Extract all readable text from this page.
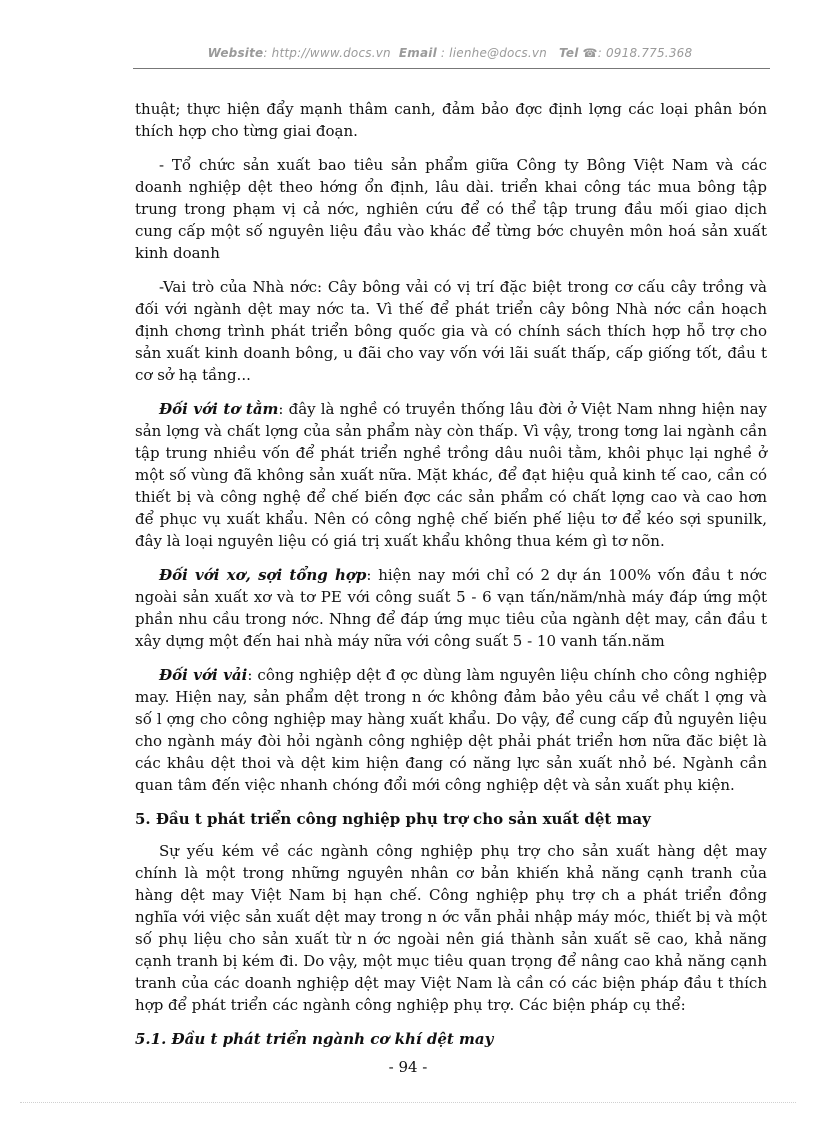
Website: http://www.docs.vn Email : lienhe@docs.vn Tel ☎: 0918.775.368

thuật; thực hiện đẩy mạnh thâm canh, đảm bảo đợc định lợng các loại phân bón thích hợp cho từng giai đoạn.

- Tổ chức sản xuất bao tiêu sản phẩm giữa Công ty Bông Việt Nam và các doanh nghiệp dệt theo hớng ổn định, lâu dài. triển khai công tác mua bông tập trung trong phạm vị cả nớc, nghiên cứu để có thể tập trung đầu mối giao dịch cung cấp một số nguyên liệu đầu vào khác để từng bớc chuyên môn hoá sản xuất kinh doanh

-Vai trò của Nhà nớc: Cây bông vải có vị trí đặc biệt trong cơ cấu cây trồng và đối với ngành dệt may nớc ta. Vì thế để phát triển cây bông Nhà nớc cần hoạch định chơng trình phát triển bông quốc gia và có chính sách thích hợp hỗ trợ cho sản xuất kinh doanh bông, u đãi cho vay vốn với lãi suất thấp, cấp giống tốt, đầu t cơ sở hạ tầng...

Đối với tơ tằm: đây là nghề có truyền thống lâu đời ở Việt Nam nhng hiện nay sản lợng và chất lợng của sản phẩm này còn thấp. Vì vậy, trong tơng lai ngành cần tập trung nhiều vốn để phát triển nghề trồng dâu nuôi tằm, khôi phục lại nghề ở một số vùng đã không sản xuất nữa. Mặt khác, để đạt hiệu quả kinh tế cao, cần có thiết bị và công nghệ để chế biến đợc các sản phẩm có chất lợng cao và cao hơn để phục vụ xuất khẩu. Nên có công nghệ chế biến phế liệu tơ để kéo sợi spunilk, đây là loại nguyên liệu có giá trị xuất khẩu không thua kém gì tơ nõn.

Đối với xơ, sợi tổng hợp: hiện nay mới chỉ có 2 dự án 100% vốn đầu t nớc ngoài sản xuất xơ và tơ PE với công suất 5 - 6 vạn tấn/năm/nhà máy đáp ứng một phần nhu cầu trong nớc. Nhng để đáp ứng mục tiêu của ngành dệt may, cần đầu t xây dựng một đến hai nhà máy nữa với công suất 5 - 10 vanh tấn.năm

Đối với vải: công nghiệp dệt đ ợc dùng làm nguyên liệu chính cho công nghiệp may. Hiện nay, sản phẩm dệt trong n ớc không đảm bảo yêu cầu về chất l ợng và số l ợng cho công nghiệp may hàng xuất khẩu. Do vậy, để cung cấp đủ nguyên liệu cho ngành máy đòi hỏi ngành công nghiệp dệt phải phát triển hơn nữa đăc biệt là các khâu dệt thoi và dệt kim hiện đang có năng lực sản xuất nhỏ bé. Ngành cần quan tâm đến việc nhanh chóng đổi mới công nghiệp dệt và sản xuất phụ kiện.

5. Đầu t phát triển công nghiệp phụ trợ cho sản xuất dệt may

Sự yếu kém về các ngành công nghiệp phụ trợ cho sản xuất hàng dệt may chính là một trong những nguyên nhân cơ bản khiến khả năng cạnh tranh của hàng dệt may Việt Nam bị hạn chế. Công nghiệp phụ trợ ch a phát triển đồng nghĩa với việc sản xuất dệt may trong n ớc vẫn phải nhập máy móc, thiết bị và một số phụ liệu cho sản xuất từ n ớc ngoài nên giá thành sản xuất sẽ cao, khả năng cạnh tranh bị kém đi. Do vậy, một mục tiêu quan trọng để nâng cao khả năng cạnh tranh của các doanh nghiệp dệt may Việt Nam là cần có các biện pháp đầu t thích hợp để phát triển các ngành công nghiệp phụ trợ. Các biện pháp cụ thể:

5.1. Đầu t phát triển ngành cơ khí dệt may

- 94 -
